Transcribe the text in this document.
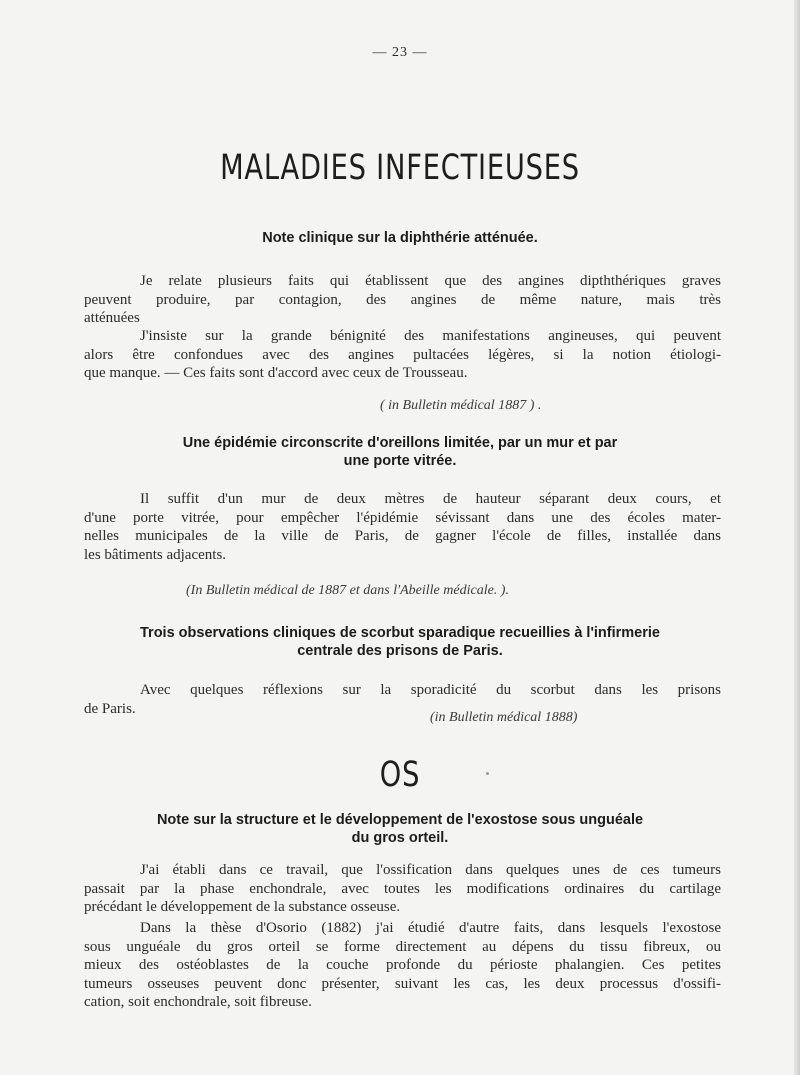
— 23 —
MALADIES INFECTIEUSES
Note clinique sur la diphthérie atténuée.
Je relate plusieurs faits qui établissent que des angines dipththériques graves
peuvent produire, par contagion, des angines de même nature, mais très
atténuées
J'insiste sur la grande bénignité des manifestations angineuses, qui peuvent
alors être confondues avec des angines pultacées légères, si la notion étiologi-
que manque. — Ces faits sont d'accord avec ceux de Trousseau.
( in Bulletin médical 1887 ) .
Une épidémie circonscrite d'oreillons limitée, par un mur et par
une porte vitrée.
Il suffit d'un mur de deux mètres de hauteur séparant deux cours, et
d'une porte vitrée, pour empêcher l'épidémie sévissant dans une des écoles mater-
nelles municipales de la ville de Paris, de gagner l'école de filles, installée dans
les bâtiments adjacents.
(In Bulletin médical de 1887 et dans l'Abeille médicale. ).
Trois observations cliniques de scorbut sparadique recueillies à l'infirmerie
centrale des prisons de Paris.
Avec quelques réflexions sur la sporadicité du scorbut dans les prisons
de Paris.
(in Bulletin médical 1888)
OS
Note sur la structure et le développement de l'exostose sous unguéale
du gros orteil.
J'ai établi dans ce travail, que l'ossification dans quelques unes de ces tumeurs
passait par la phase enchondrale, avec toutes les modifications ordinaires du cartilage
précédant le développement de la substance osseuse.
Dans la thèse d'Osorio (1882) j'ai étudié d'autre faits, dans lesquels l'exostose
sous unguéale du gros orteil se forme directement au dépens du tissu fibreux, ou
mieux des ostéoblastes de la couche profonde du périoste phalangien. Ces petites
tumeurs osseuses peuvent donc présenter, suivant les cas, les deux processus d'ossifi-
cation, soit enchondrale, soit fibreuse.
